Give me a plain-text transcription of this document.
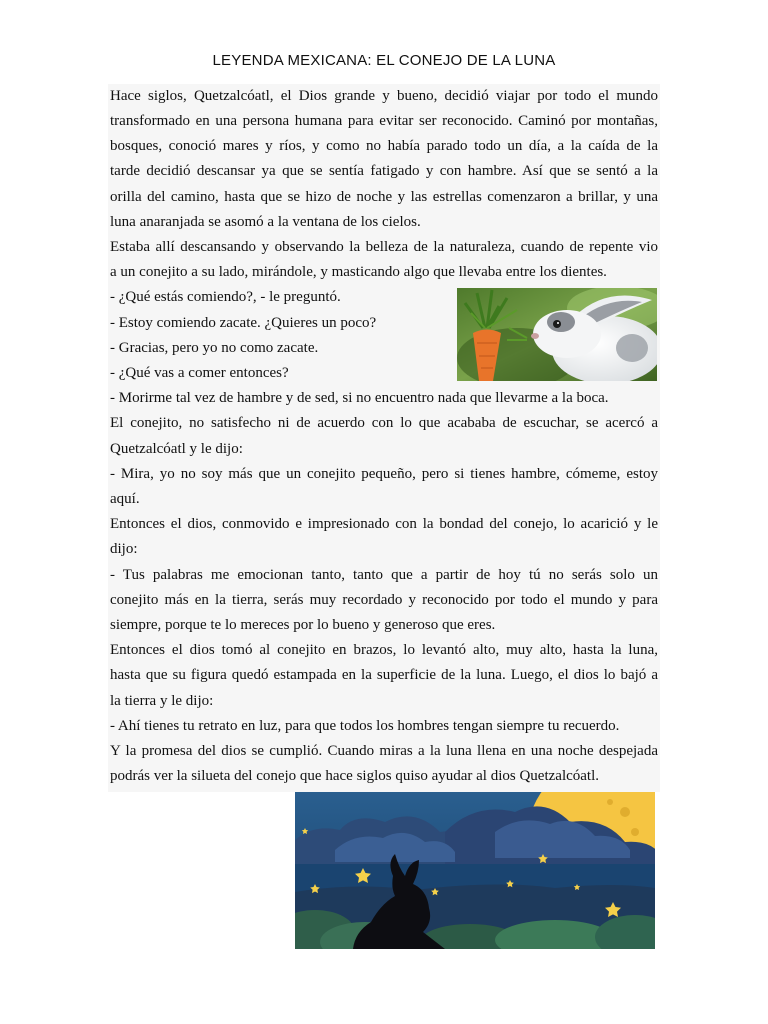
LEYENDA MEXICANA: EL CONEJO DE LA LUNA
Hace siglos, Quetzalcóatl, el Dios grande y bueno, decidió viajar por todo el mundo
transformado en una persona humana para evitar ser reconocido. Caminó por montañas,
bosques, conoció mares y ríos, y como no había parado todo un día, a la caída de la
tarde decidió descansar ya que se sentía fatigado y con hambre. Así que se sentó a la
orilla del camino, hasta que se hizo de noche y las estrellas comenzaron a brillar, y una
luna anaranjada se asomó a la ventana de los cielos.
Estaba allí descansando y observando la belleza de la naturaleza, cuando de repente vio
a un conejito a su lado, mirándole, y masticando algo que llevaba entre los dientes.
- ¿Qué estás comiendo?, - le preguntó.
- Estoy comiendo zacate. ¿Quieres un poco?
- Gracias, pero yo no como zacate.
- ¿Qué vas a comer entonces?
- Morirme tal vez de hambre y de sed, si no encuentro nada que llevarme a la boca.
El conejito, no satisfecho ni de acuerdo con lo que acababa de escuchar, se acercó a
Quetzalcóatl y le dijo:
- Mira, yo no soy más que un conejito pequeño, pero si tienes hambre, cómeme, estoy
aquí.
Entonces el dios, conmovido e impresionado con la bondad del conejo, lo acarició y le
dijo:
- Tus palabras me emocionan tanto, tanto que a partir de hoy tú no serás solo un
conejito más en la tierra, serás muy recordado y reconocido por todo el mundo y para
siempre, porque te lo mereces por lo bueno y generoso que eres.
Entonces el dios tomó al conejito en brazos, lo levantó alto, muy alto, hasta la luna,
hasta que su figura quedó estampada en la superficie de la luna. Luego, el dios lo bajó a
la tierra y le dijo:
- Ahí tienes tu retrato en luz, para que todos los hombres tengan siempre tu recuerdo.
Y la promesa del dios se cumplió. Cuando miras a la luna llena en una noche despejada
podrás ver la silueta del conejo que hace siglos quiso ayudar al dios Quetzalcóatl.
